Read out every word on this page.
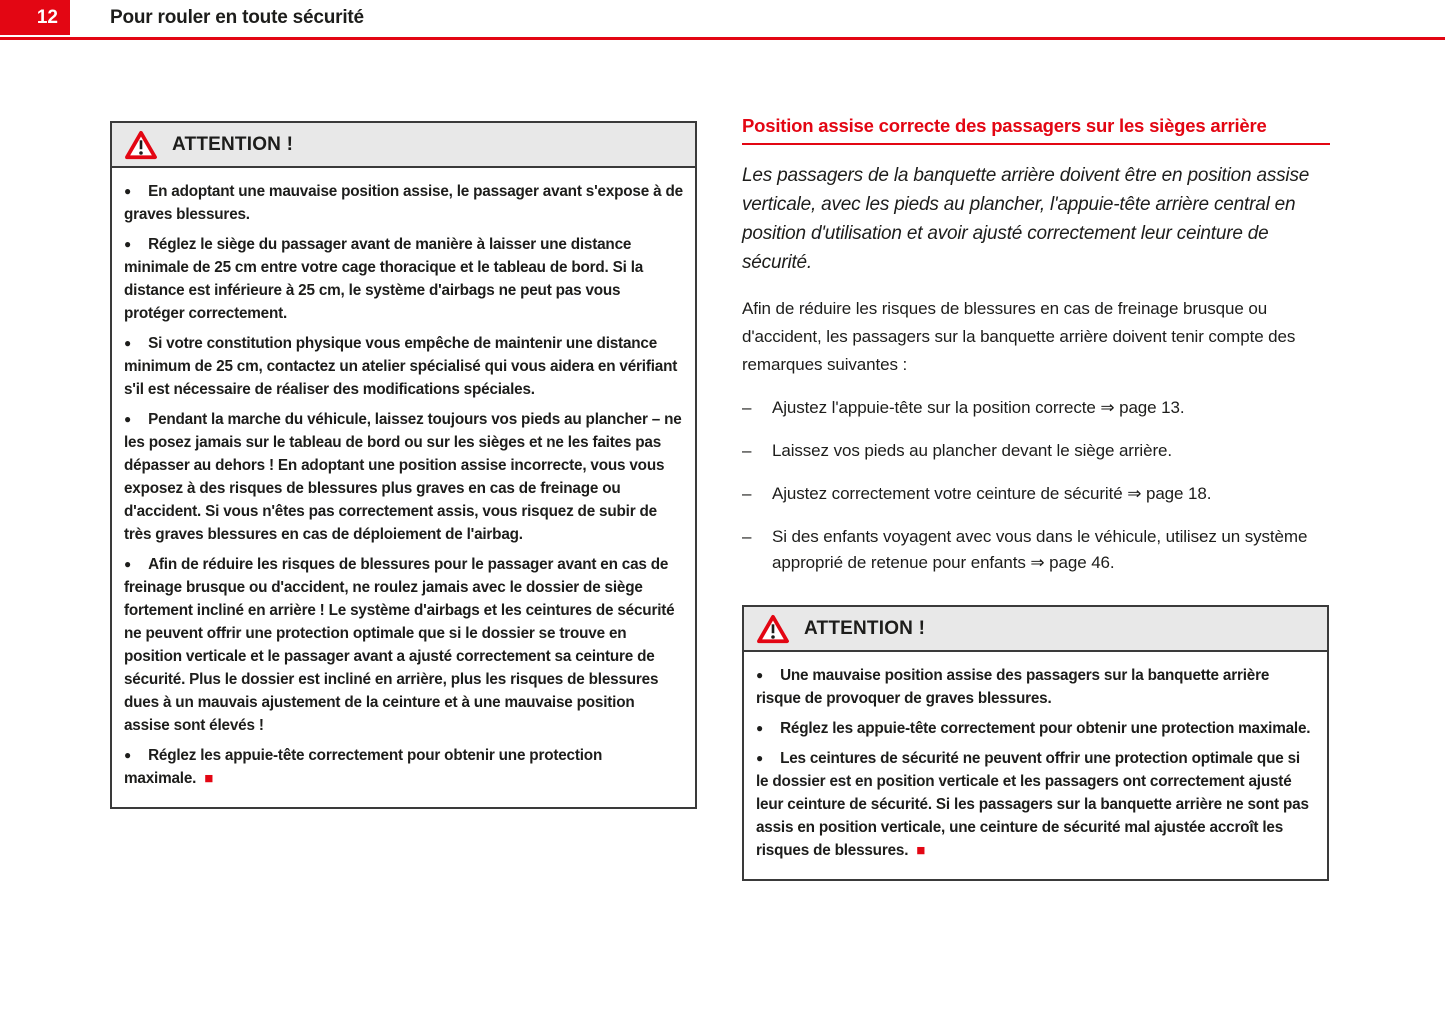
12	Pour rouler en toute sécurité
ATTENTION !

● En adoptant une mauvaise position assise, le passager avant s'expose à de graves blessures.

● Réglez le siège du passager avant de manière à laisser une distance minimale de 25 cm entre votre cage thoracique et le tableau de bord. Si la distance est inférieure à 25 cm, le système d'airbags ne peut pas vous protéger correctement.

● Si votre constitution physique vous empêche de maintenir une distance minimum de 25 cm, contactez un atelier spécialisé qui vous aidera en vérifiant s'il est nécessaire de réaliser des modifications spéciales.

● Pendant la marche du véhicule, laissez toujours vos pieds au plancher – ne les posez jamais sur le tableau de bord ou sur les sièges et ne les faites pas dépasser au dehors ! En adoptant une position assise incorrecte, vous vous exposez à des risques de blessures plus graves en cas de freinage ou d'accident. Si vous n'êtes pas correctement assis, vous risquez de subir de très graves blessures en cas de déploiement de l'airbag.

● Afin de réduire les risques de blessures pour le passager avant en cas de freinage brusque ou d'accident, ne roulez jamais avec le dossier de siège fortement incliné en arrière ! Le système d'airbags et les ceintures de sécurité ne peuvent offrir une protection optimale que si le dossier se trouve en position verticale et le passager avant a ajusté correctement sa ceinture de sécurité. Plus le dossier est incliné en arrière, plus les risques de blessures dues à un mauvais ajustement de la ceinture et à une mauvaise position assise sont élevés !

● Réglez les appuie-tête correctement pour obtenir une protection maximale. ■

Position assise correcte des passagers sur les sièges arrière

Les passagers de la banquette arrière doivent être en position assise verticale, avec les pieds au plancher, l'appuie-tête arrière central en position d'utilisation et avoir ajusté correctement leur ceinture de sécurité.

Afin de réduire les risques de blessures en cas de freinage brusque ou d'accident, les passagers sur la banquette arrière doivent tenir compte des remarques suivantes :

–	Ajustez l'appuie-tête sur la position correcte ⇒ page 13.
–	Laissez vos pieds au plancher devant le siège arrière.
–	Ajustez correctement votre ceinture de sécurité ⇒ page 18.
–	Si des enfants voyagent avec vous dans le véhicule, utilisez un système approprié de retenue pour enfants ⇒ page 46.
ATTENTION !

● Une mauvaise position assise des passagers sur la banquette arrière risque de provoquer de graves blessures.

● Réglez les appuie-tête correctement pour obtenir une protection maximale.

● Les ceintures de sécurité ne peuvent offrir une protection optimale que si le dossier est en position verticale et les passagers ont correctement ajusté leur ceinture de sécurité. Si les passagers sur la banquette arrière ne sont pas assis en position verticale, une ceinture de sécurité mal ajustée accroît les risques de blessures. ■
